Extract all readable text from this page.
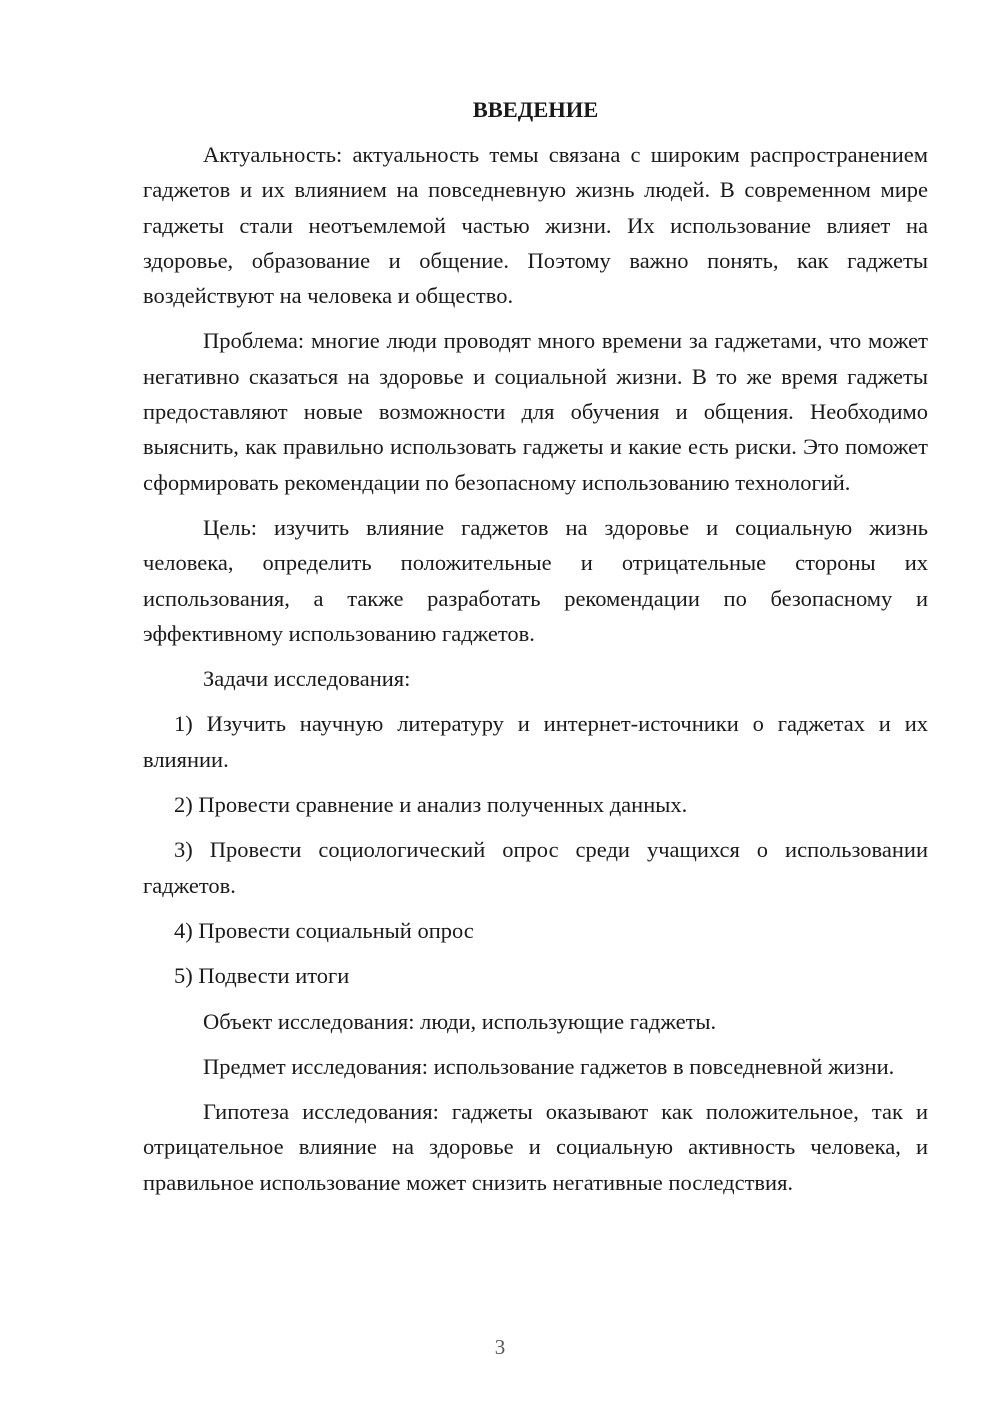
ВВЕДЕНИЕ

Актуальность: актуальность темы связана с широким распространением гаджетов и их влиянием на повседневную жизнь людей. В современном мире гаджеты стали неотъемлемой частью жизни. Их использование влияет на здоровье, образование и общение. Поэтому важно понять, как гаджеты воздействуют на человека и общество.

Проблема: многие люди проводят много времени за гаджетами, что может негативно сказаться на здоровье и социальной жизни. В то же время гаджеты предоставляют новые возможности для обучения и общения. Необходимо выяснить, как правильно использовать гаджеты и какие есть риски. Это поможет сформировать рекомендации по безопасному использованию технологий.

Цель: изучить влияние гаджетов на здоровье и социальную жизнь человека, определить положительные и отрицательные стороны их использования, а также разработать рекомендации по безопасному и эффективному использованию гаджетов.

Задачи исследования:

1) Изучить научную литературу и интернет-источники о гаджетах и их влиянии.

2) Провести сравнение и анализ полученных данных.

3) Провести социологический опрос среди учащихся о использовании гаджетов.

4) Провести социальный опрос

5) Подвести итоги

Объект исследования: люди, использующие гаджеты.

Предмет исследования: использование гаджетов в повседневной жизни.

Гипотеза исследования: гаджеты оказывают как положительное, так и отрицательное влияние на здоровье и социальную активность человека, и правильное использование может снизить негативные последствия.

3
